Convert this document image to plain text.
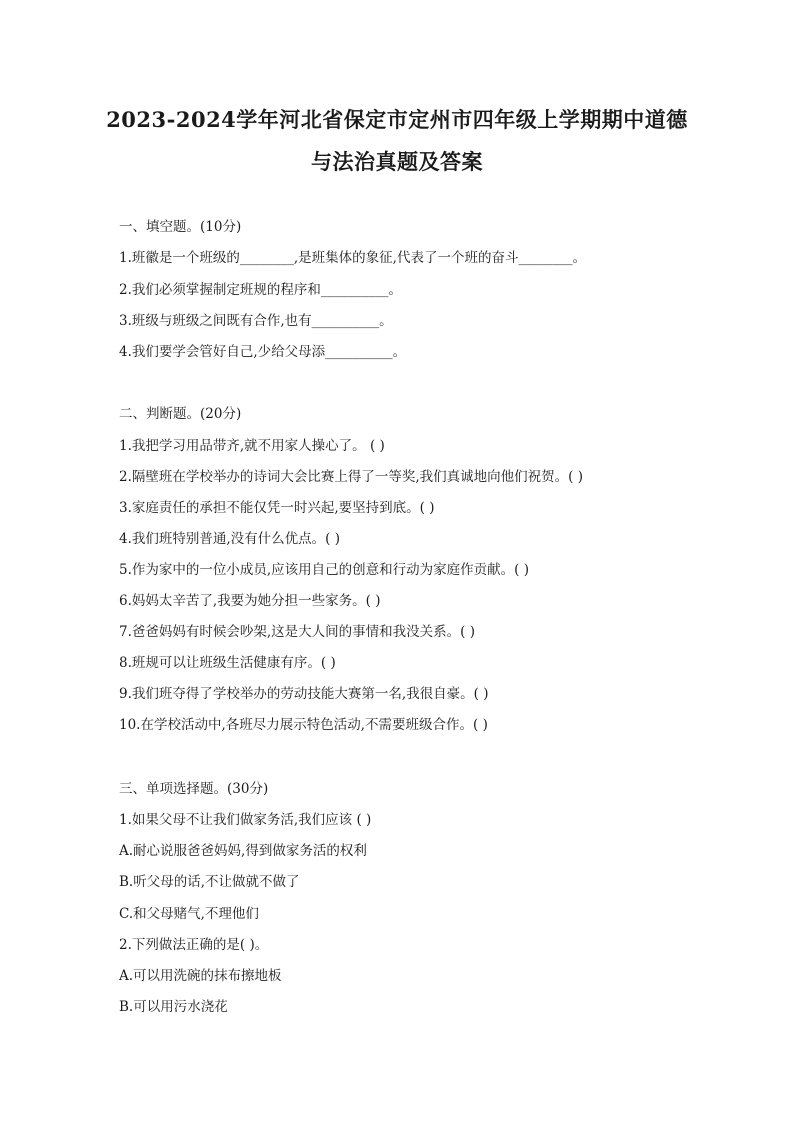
2023-2024学年河北省保定市定州市四年级上学期期中道德
与法治真题及答案
一、填空题。(10分)
1.班徽是一个班级的________,是班集体的象征,代表了一个班的奋斗________。
2.我们必须掌握制定班规的程序和__________。
3.班级与班级之间既有合作,也有__________。
4.我们要学会管好自己,少给父母添__________。
二、判断题。(20分)
1.我把学习用品带齐,就不用家人操心了。 ( )
2.隔壁班在学校举办的诗词大会比赛上得了一等奖,我们真诚地向他们祝贺。( )
3.家庭责任的承担不能仅凭一时兴起,要坚持到底。( )
4.我们班特别普通,没有什么优点。( )
5.作为家中的一位小成员,应该用自己的创意和行动为家庭作贡献。( )
6.妈妈太辛苦了,我要为她分担一些家务。( )
7.爸爸妈妈有时候会吵架,这是大人间的事情和我没关系。( )
8.班规可以让班级生活健康有序。( )
9.我们班夺得了学校举办的劳动技能大赛第一名,我很自豪。( )
10.在学校活动中,各班尽力展示特色活动,不需要班级合作。( )
三、单项选择题。(30分)
1.如果父母不让我们做家务活,我们应该 ( )
A.耐心说服爸爸妈妈,得到做家务活的权利
B.听父母的话,不让做就不做了
C.和父母赌气,不理他们
2.下列做法正确的是( )。
A.可以用洗碗的抹布擦地板
B.可以用污水浇花
